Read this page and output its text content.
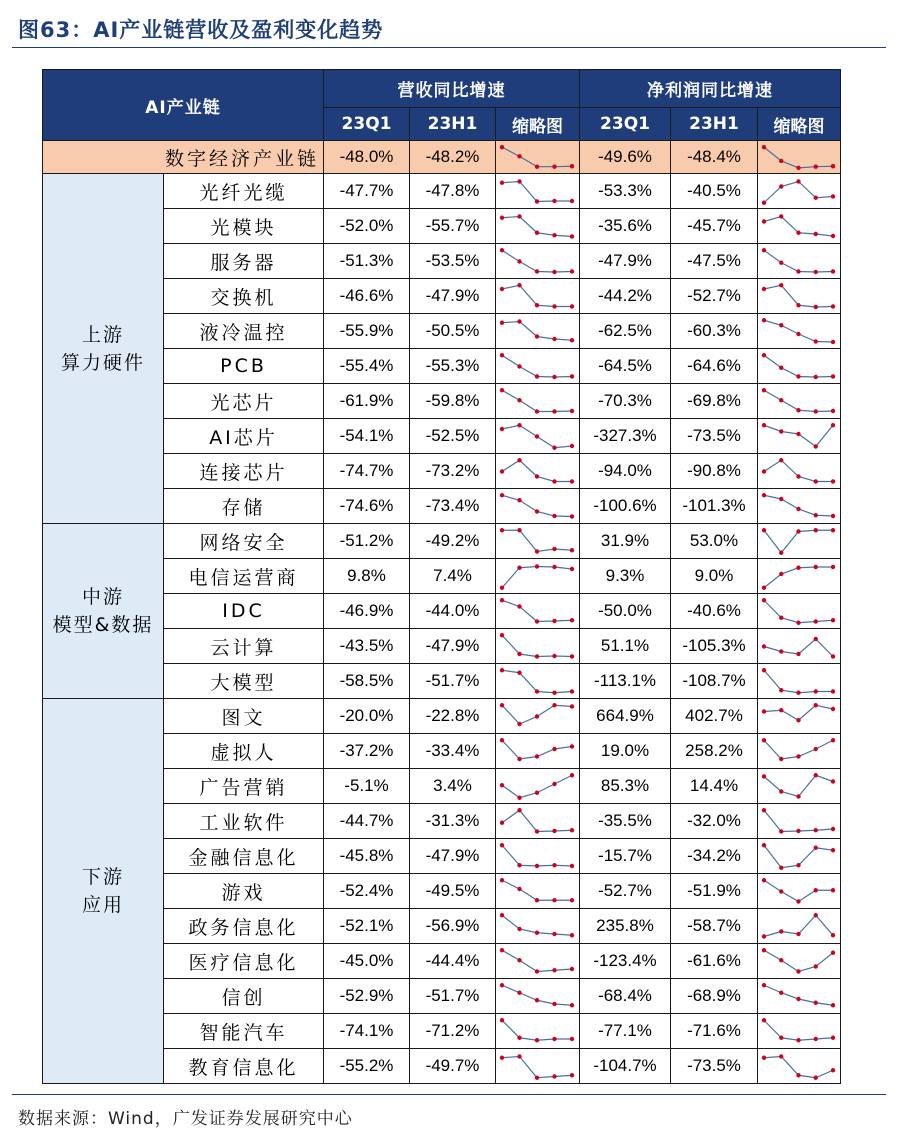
图63：AI产业链营收及盈利变化趋势
AI产业链		营收同比增速			净利润同比增速		
		23Q1	23H1	缩略图	23Q1	23H1	缩略图
数字经济产业链		-48.0%	-48.2%		-49.6%	-48.4%	

上游
算力硬件	光纤光缆	-47.7%	-47.8%		-53.3%	-40.5%	

	光模块	-52.0%	-55.7%		-35.6%	-45.7%	

	服务器	-51.3%	-53.5%		-47.9%	-47.5%	

	交换机	-46.6%	-47.9%		-44.2%	-52.7%	

	液冷温控	-55.9%	-50.5%		-62.5%	-60.3%	

	PCB	-55.4%	-55.3%		-64.5%	-64.6%	

	光芯片	-61.9%	-59.8%		-70.3%	-69.8%	

	AI芯片	-54.1%	-52.5%		-327.3%	-73.5%	

	连接芯片	-74.7%	-73.2%		-94.0%	-90.8%	

	存储	-74.6%	-73.4%		-100.6%	-101.3%	

中游
模型&数据	网络安全	-51.2%	-49.2%		31.9%	53.0%	

	电信运营商	9.8%	7.4%		9.3%	9.0%	

	IDC	-46.9%	-44.0%		-50.0%	-40.6%	

	云计算	-43.5%	-47.9%		51.1%	-105.3%	

	大模型	-58.5%	-51.7%		-113.1%	-108.7%	

下游
应用	图文	-20.0%	-22.8%		664.9%	402.7%	

	虚拟人	-37.2%	-33.4%		19.0%	258.2%	

	广告营销	-5.1%	3.4%		85.3%	14.4%	

	工业软件	-44.7%	-31.3%		-35.5%	-32.0%	

	金融信息化	-45.8%	-47.9%		-15.7%	-34.2%	

	游戏	-52.4%	-49.5%		-52.7%	-51.9%	

	政务信息化	-52.1%	-56.9%		235.8%	-58.7%	

	医疗信息化	-45.0%	-44.4%		-123.4%	-61.6%	

	信创	-52.9%	-51.7%		-68.4%	-68.9%	

	智能汽车	-74.1%	-71.2%		-77.1%	-71.6%	

	教育信息化	-55.2%	-49.7%		-104.7%	-73.5%	
数据来源：Wind，广发证券发展研究中心
